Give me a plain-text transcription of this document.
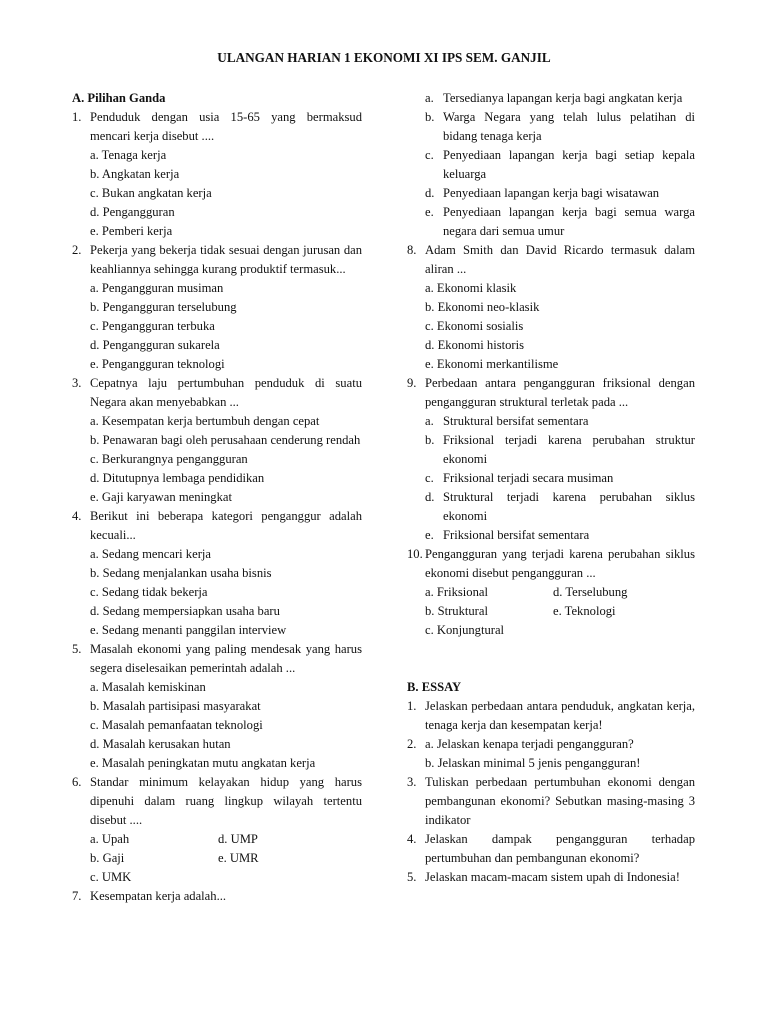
ULANGAN HARIAN 1 EKONOMI XI IPS SEM. GANJIL
A. Pilihan Ganda
1. Penduduk dengan usia 15-65 yang bermaksud mencari kerja disebut ....
a. Tenaga kerja
b. Angkatan kerja
c. Bukan angkatan kerja
d. Pengangguran
e. Pemberi kerja
2. Pekerja yang bekerja tidak sesuai dengan jurusan dan keahliannya sehingga kurang produktif termasuk...
a. Pengangguran musiman
b. Pengangguran terselubung
c. Pengangguran terbuka
d. Pengangguran sukarela
e. Pengangguran teknologi
3. Cepatnya laju pertumbuhan penduduk di suatu Negara akan menyebabkan ...
a. Kesempatan kerja bertumbuh dengan cepat
b. Penawaran bagi oleh perusahaan cenderung rendah
c. Berkurangnya pengangguran
d. Ditutupnya lembaga pendidikan
e. Gaji karyawan meningkat
4. Berikut ini beberapa kategori penganggur adalah kecuali...
a. Sedang mencari kerja
b. Sedang menjalankan usaha bisnis
c. Sedang tidak bekerja
d. Sedang mempersiapkan usaha baru
e. Sedang menanti panggilan interview
5. Masalah ekonomi yang paling mendesak yang harus segera diselesaikan pemerintah adalah ...
a. Masalah kemiskinan
b. Masalah partisipasi masyarakat
c. Masalah pemanfaatan teknologi
d. Masalah kerusakan hutan
e. Masalah peningkatan mutu angkatan kerja
6. Standar minimum kelayakan hidup yang harus dipenuhi dalam ruang lingkup wilayah tertentu disebut ....
a. Upah	d. UMP
b. Gaji	e. UMR
c. UMK
7. Kesempatan kerja adalah...
a. Tersedianya lapangan kerja bagi angkatan kerja
b. Warga Negara yang telah lulus pelatihan di bidang tenaga kerja
c. Penyediaan lapangan kerja bagi setiap kepala keluarga
d. Penyediaan lapangan kerja bagi wisatawan
e. Penyediaan lapangan kerja bagi semua warga negara dari semua umur
8. Adam Smith dan David Ricardo termasuk dalam aliran ...
a. Ekonomi klasik
b. Ekonomi neo-klasik
c. Ekonomi sosialis
d. Ekonomi historis
e. Ekonomi merkantilisme
9. Perbedaan antara pengangguran friksional dengan pengangguran struktural terletak pada ...
a. Struktural bersifat sementara
b. Friksional terjadi karena perubahan struktur ekonomi
c. Friksional terjadi secara musiman
d. Struktural terjadi karena perubahan siklus ekonomi
e. Friksional bersifat sementara
10. Pengangguran yang terjadi karena perubahan siklus ekonomi disebut pengangguran ...
a. Friksional	d. Terselubung
b. Struktural	e. Teknologi
c. Konjungtural
B. ESSAY
1. Jelaskan perbedaan antara penduduk, angkatan kerja, tenaga kerja dan kesempatan kerja!
2. a. Jelaskan kenapa terjadi pengangguran?
b. Jelaskan minimal 5 jenis pengangguran!
3. Tuliskan perbedaan pertumbuhan ekonomi dengan pembangunan ekonomi? Sebutkan masing-masing 3 indikator
4. Jelaskan dampak pengangguran terhadap pertumbuhan dan pembangunan ekonomi?
5. Jelaskan macam-macam sistem upah di Indonesia!
